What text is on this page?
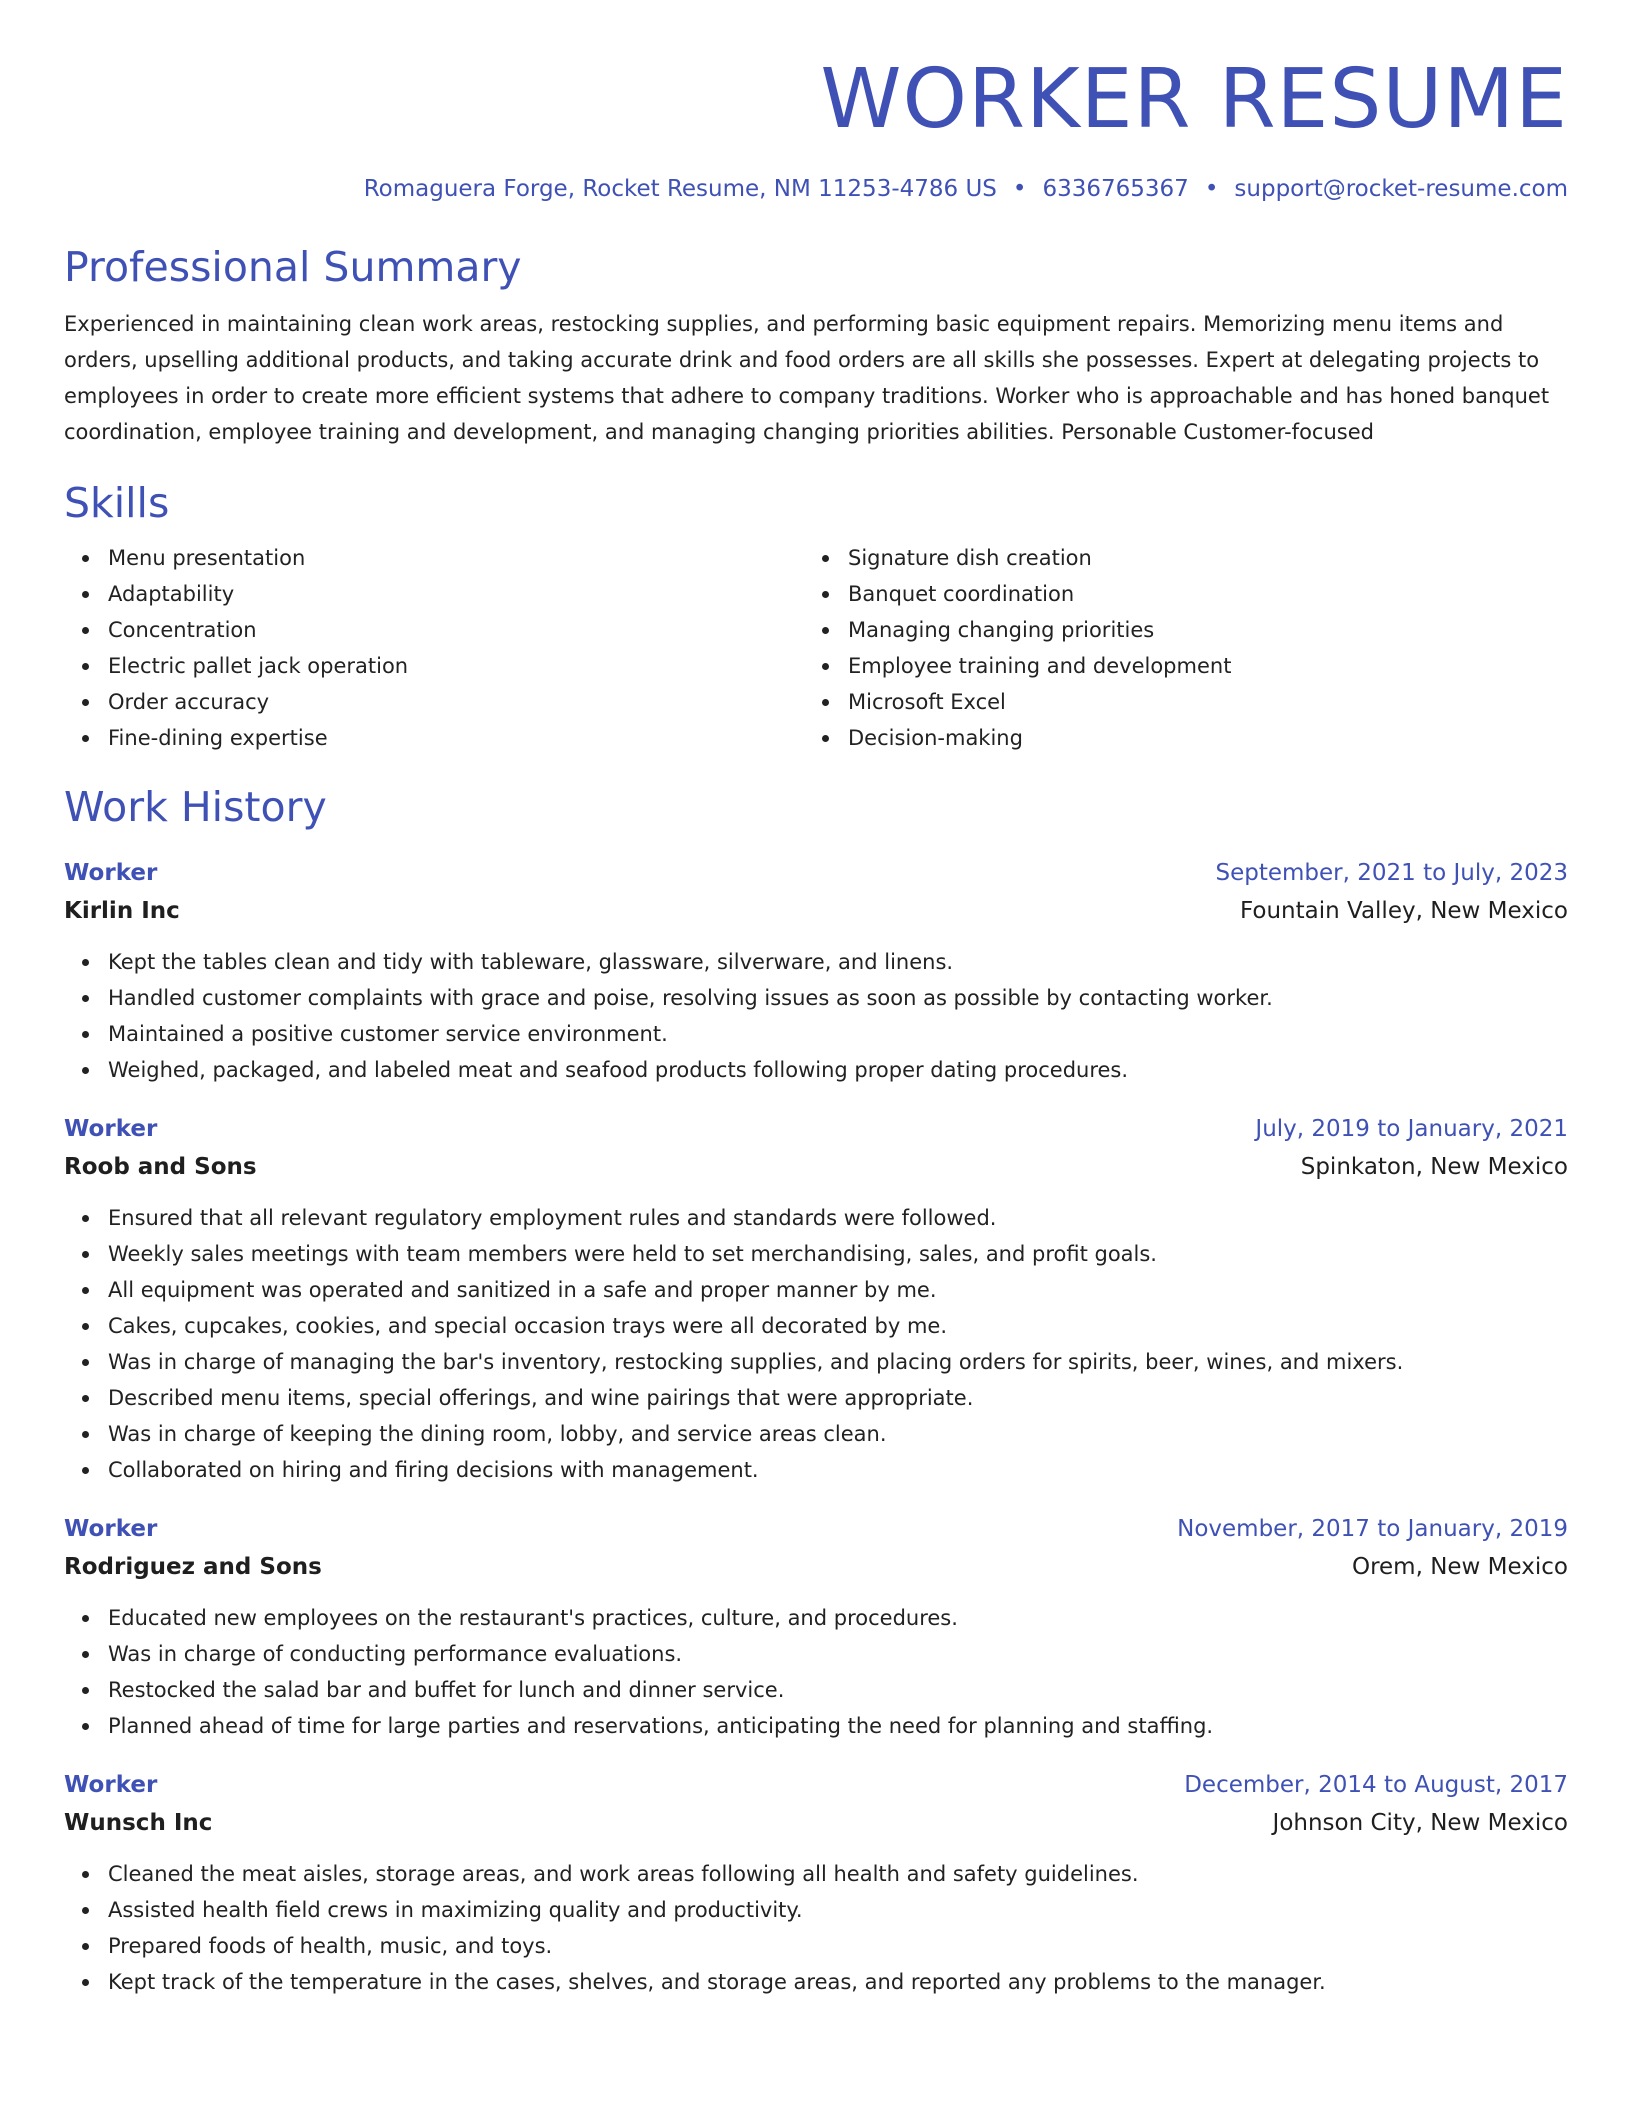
WORKER RESUME
Romaguera Forge, Rocket Resume, NM 11253-4786 US • 6336765367 • support@rocket-resume.com
Professional Summary

Experienced in maintaining clean work areas, restocking supplies, and performing basic equipment repairs. Memorizing menu items and orders, upselling additional products, and taking accurate drink and food orders are all skills she possesses. Expert at delegating projects to employees in order to create more efficient systems that adhere to company traditions. Worker who is approachable and has honed banquet coordination, employee training and development, and managing changing priorities abilities. Personable Customer-focused

Skills
Menu presentation
Adaptability
Concentration
Electric pallet jack operation
Order accuracy
Fine-dining expertise
Signature dish creation
Banquet coordination
Managing changing priorities
Employee training and development
Microsoft Excel
Decision-making
Work History
Worker	September, 2021 to July, 2023
Kirlin Inc	Fountain Valley, New Mexico
Kept the tables clean and tidy with tableware, glassware, silverware, and linens.
Handled customer complaints with grace and poise, resolving issues as soon as possible by contacting worker.
Maintained a positive customer service environment.
Weighed, packaged, and labeled meat and seafood products following proper dating procedures.
Worker	July, 2019 to January, 2021
Roob and Sons	Spinkaton, New Mexico
Ensured that all relevant regulatory employment rules and standards were followed.
Weekly sales meetings with team members were held to set merchandising, sales, and profit goals.
All equipment was operated and sanitized in a safe and proper manner by me.
Cakes, cupcakes, cookies, and special occasion trays were all decorated by me.
Was in charge of managing the bar's inventory, restocking supplies, and placing orders for spirits, beer, wines, and mixers.
Described menu items, special offerings, and wine pairings that were appropriate.
Was in charge of keeping the dining room, lobby, and service areas clean.
Collaborated on hiring and firing decisions with management.
Worker	November, 2017 to January, 2019
Rodriguez and Sons	Orem, New Mexico
Educated new employees on the restaurant's practices, culture, and procedures.
Was in charge of conducting performance evaluations.
Restocked the salad bar and buffet for lunch and dinner service.
Planned ahead of time for large parties and reservations, anticipating the need for planning and staffing.
Worker	December, 2014 to August, 2017
Wunsch Inc	Johnson City, New Mexico
Cleaned the meat aisles, storage areas, and work areas following all health and safety guidelines.
Assisted health field crews in maximizing quality and productivity.
Prepared foods of health, music, and toys.
Kept track of the temperature in the cases, shelves, and storage areas, and reported any problems to the manager.
